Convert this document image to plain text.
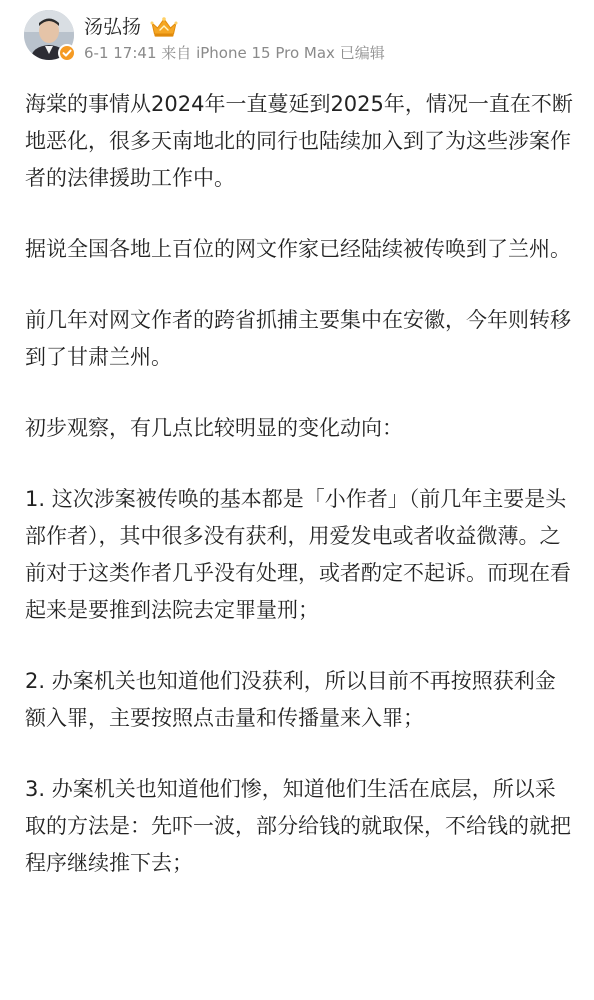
汤弘扬
6-1 17:41 来自 iPhone 15 Pro Max 已编辑

海棠的事情从2024年一直蔓延到2025年，情况一直在不断地恶化，很多天南地北的同行也陆续加入到了为这些涉案作者的法律援助工作中。

据说全国各地上百位的网文作家已经陆续被传唤到了兰州。

前几年对网文作者的跨省抓捕主要集中在安徽，今年则转移到了甘肃兰州。

初步观察，有几点比较明显的变化动向：

1. 这次涉案被传唤的基本都是「小作者」（前几年主要是头部作者），其中很多没有获利，用爱发电或者收益微薄。之前对于这类作者几乎没有处理，或者酌定不起诉。而现在看起来是要推到法院去定罪量刑；

2. 办案机关也知道他们没获利，所以目前不再按照获利金额入罪，主要按照点击量和传播量来入罪；

3. 办案机关也知道他们惨，知道他们生活在底层，所以采取的方法是：先吓一波，部分给钱的就取保，不给钱的就把程序继续推下去；
